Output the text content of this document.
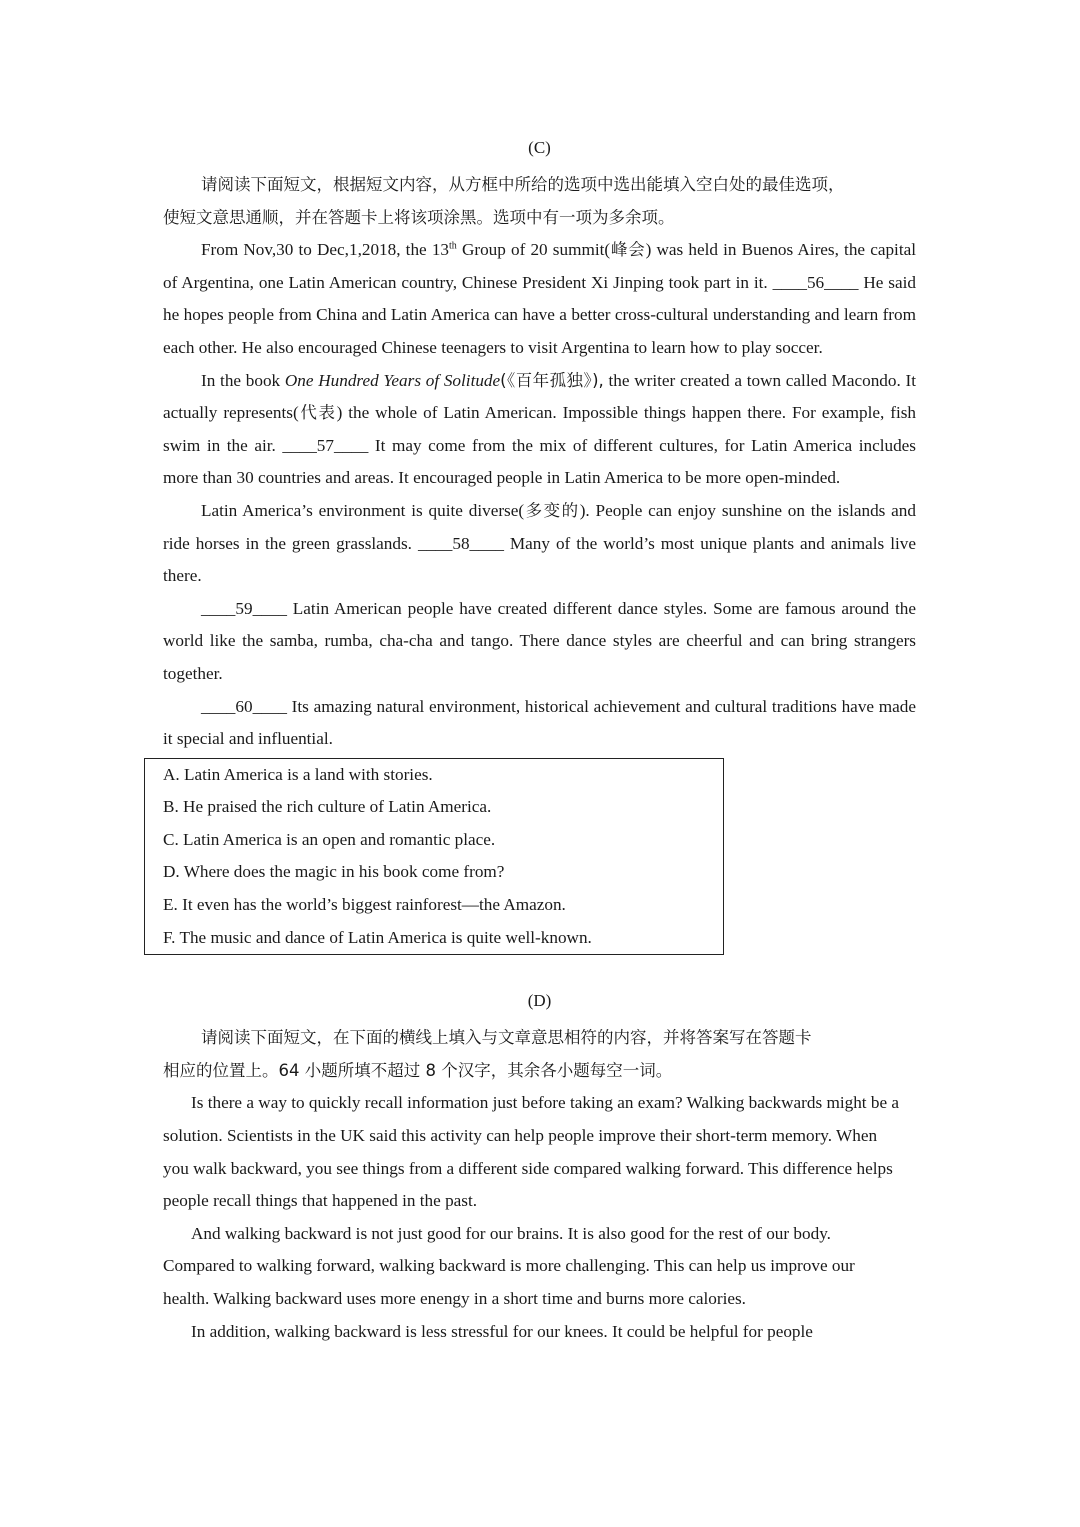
(C)

请阅读下面短文，根据短文内容，从方框中所给的选项中选出能填入空白处的最佳选项，
使短文意思通顺，并在答题卡上将该项涂黑。选项中有一项为多余项。

From Nov,30 to Dec,1,2018, the 13th Group of 20 summit(峰会) was held in Buenos Aires, the capital of Argentina, one Latin American country, Chinese President Xi Jinping took part in it. ____56____ He said he hopes people from China and Latin America can have a better cross-cultural understanding and learn from each other. He also encouraged Chinese teenagers to visit Argentina to learn how to play soccer.

In the book One Hundred Years of Solitude(《百年孤独》), the writer created a town called Macondo. It actually represents(代表) the whole of Latin American. Impossible things happen there. For example, fish swim in the air. ____57____ It may come from the mix of different cultures, for Latin America includes more than 30 countries and areas. It encouraged people in Latin America to be more open-minded.

Latin America’s environment is quite diverse(多变的). People can enjoy sunshine on the islands and ride horses in the green grasslands. ____58____ Many of the world’s most unique plants and animals live there.

____59____ Latin American people have created different dance styles. Some are famous around the world like the samba, rumba, cha-cha and tango. There dance styles are cheerful and can bring strangers together.

____60____ Its amazing natural environment, historical achievement and cultural traditions have made it special and influential.

A. Latin America is a land with stories.

B. He praised the rich culture of Latin America.

C. Latin America is an open and romantic place.

D. Where does the magic in his book come from?

E. It even has the world’s biggest rainforest—the Amazon.

F. The music and dance of Latin America is quite well-known.

(D)

请阅读下面短文，在下面的横线上填入与文章意思相符的内容，并将答案写在答题卡
相应的位置上。64 小题所填不超过 8 个汉字，其余各小题每空一词。

Is there a way to quickly recall information just before taking an exam? Walking backwards might be a solution. Scientists in the UK said this activity can help people improve their short-term memory. When you walk backward, you see things from a different side compared walking forward. This difference helps people recall things that happened in the past.

And walking backward is not just good for our brains. It is also good for the rest of our body. Compared to walking forward, walking backward is more challenging. This can help us improve our health. Walking backward uses more enengy in a short time and burns more calories.

In addition, walking backward is less stressful for our knees. It could be helpful for people
